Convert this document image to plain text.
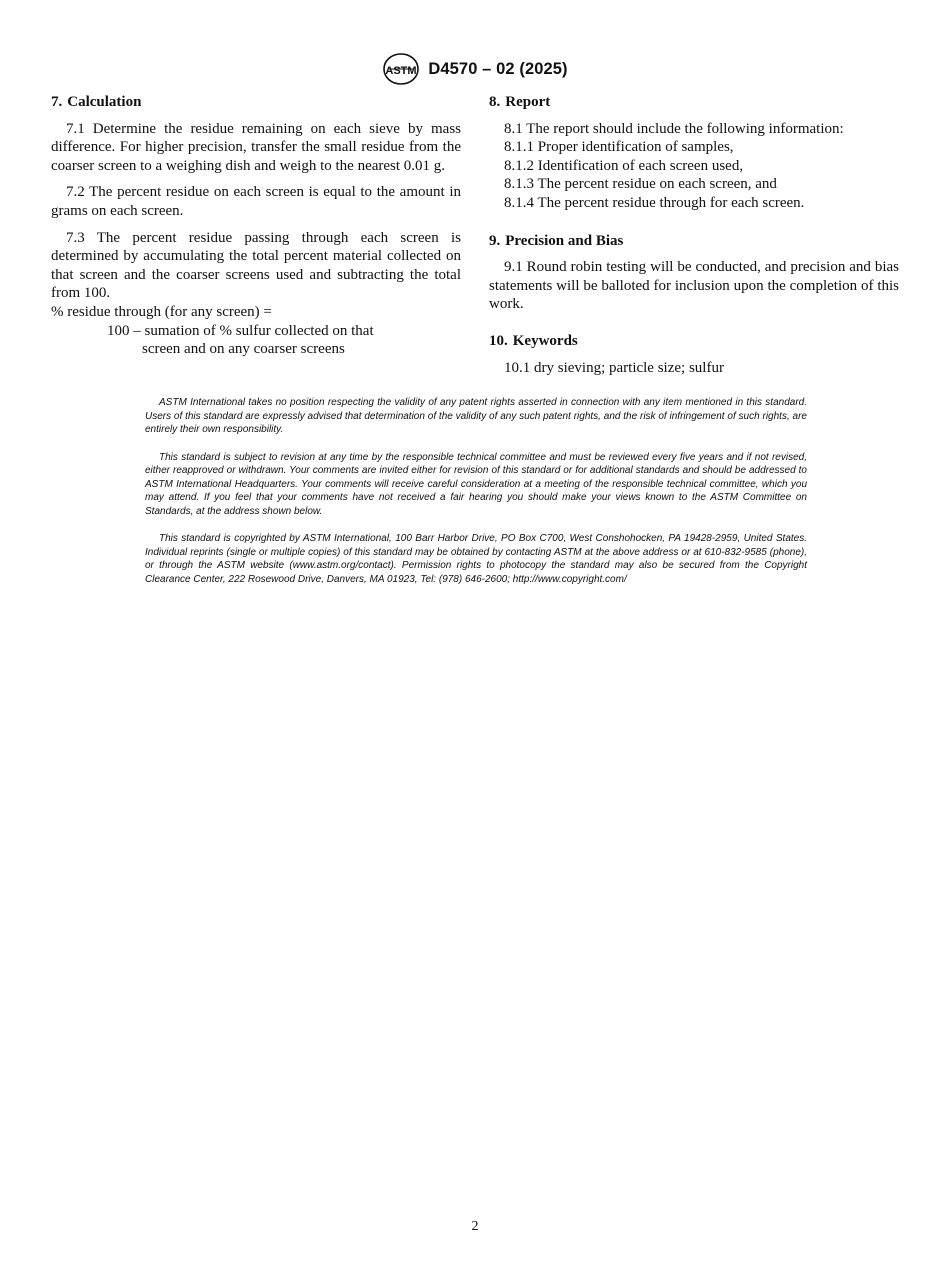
ASTM D4570 – 02 (2025)
7. Calculation

7.1 Determine the residue remaining on each sieve by mass difference. For higher precision, transfer the small residue from the coarser screen to a weighing dish and weigh to the nearest 0.01 g.

7.2 The percent residue on each screen is equal to the amount in grams on each screen.

7.3 The percent residue passing through each screen is determined by accumulating the total percent material collected on that screen and the coarser screens used and subtracting the total from 100.

% residue through (for any screen) =

100 – sumation of % sulfur collected on that

screen and on any coarser screens

8. Report

8.1 The report should include the following information:

8.1.1 Proper identification of samples,

8.1.2 Identification of each screen used,

8.1.3 The percent residue on each screen, and

8.1.4 The percent residue through for each screen.

9. Precision and Bias

9.1 Round robin testing will be conducted, and precision and bias statements will be balloted for inclusion upon the completion of this work.

10. Keywords

10.1 dry sieving; particle size; sulfur

ASTM International takes no position respecting the validity of any patent rights asserted in connection with any item mentioned in this standard. Users of this standard are expressly advised that determination of the validity of any such patent rights, and the risk of infringement of such rights, are entirely their own responsibility.

This standard is subject to revision at any time by the responsible technical committee and must be reviewed every five years and if not revised, either reapproved or withdrawn. Your comments are invited either for revision of this standard or for additional standards and should be addressed to ASTM International Headquarters. Your comments will receive careful consideration at a meeting of the responsible technical committee, which you may attend. If you feel that your comments have not received a fair hearing you should make your views known to the ASTM Committee on Standards, at the address shown below.

This standard is copyrighted by ASTM International, 100 Barr Harbor Drive, PO Box C700, West Conshohocken, PA 19428-2959, United States. Individual reprints (single or multiple copies) of this standard may be obtained by contacting ASTM at the above address or at 610-832-9585 (phone), or through the ASTM website (www.astm.org/contact). Permission rights to photocopy the standard may also be secured from the Copyright Clearance Center, 222 Rosewood Drive, Danvers, MA 01923, Tel: (978) 646-2600; http://www.copyright.com/

2
